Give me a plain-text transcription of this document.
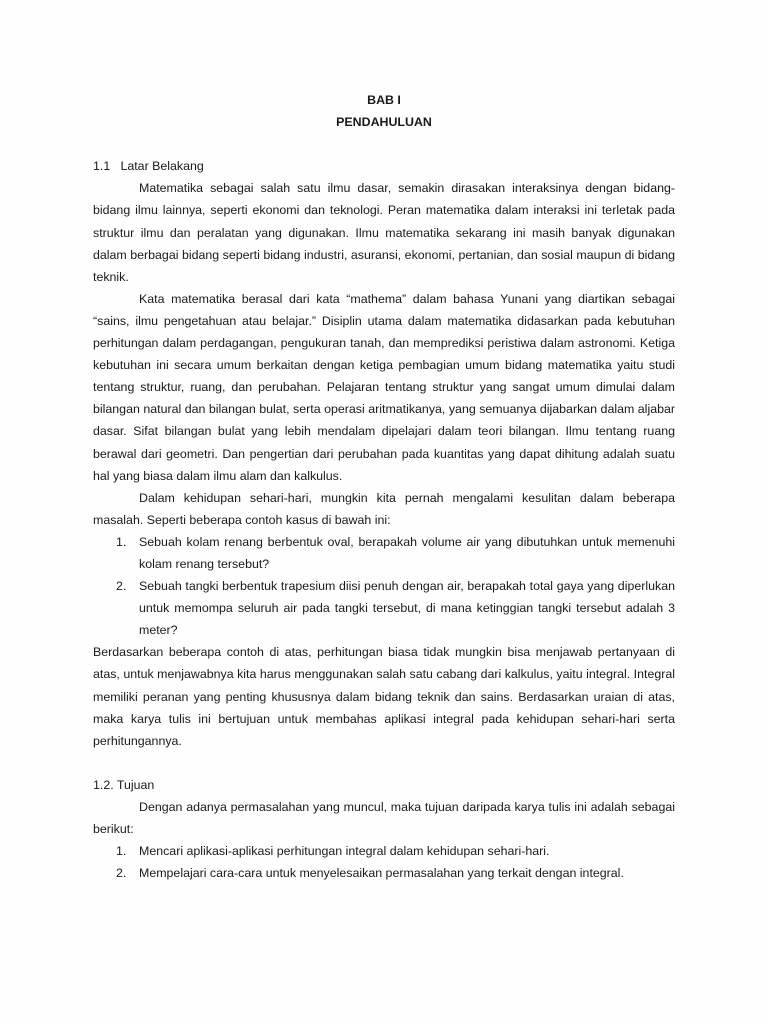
BAB I

PENDAHULUAN

1.1 Latar Belakang

Matematika sebagai salah satu ilmu dasar, semakin dirasakan interaksinya dengan bidang-bidang ilmu lainnya, seperti ekonomi dan teknologi. Peran matematika dalam interaksi ini terletak pada struktur ilmu dan peralatan yang digunakan. Ilmu matematika sekarang ini masih banyak digunakan dalam berbagai bidang seperti bidang industri, asuransi, ekonomi, pertanian, dan sosial maupun di bidang teknik.

Kata matematika berasal dari kata “mathema” dalam bahasa Yunani yang diartikan sebagai “sains, ilmu pengetahuan atau belajar.” Disiplin utama dalam matematika didasarkan pada kebutuhan perhitungan dalam perdagangan, pengukuran tanah, dan memprediksi peristiwa dalam astronomi. Ketiga kebutuhan ini secara umum berkaitan dengan ketiga pembagian umum bidang matematika yaitu studi tentang struktur, ruang, dan perubahan. Pelajaran tentang struktur yang sangat umum dimulai dalam bilangan natural dan bilangan bulat, serta operasi aritmatikanya, yang semuanya dijabarkan dalam aljabar dasar. Sifat bilangan bulat yang lebih mendalam dipelajari dalam teori bilangan. Ilmu tentang ruang berawal dari geometri. Dan pengertian dari perubahan pada kuantitas yang dapat dihitung adalah suatu hal yang biasa dalam ilmu alam dan kalkulus.

Dalam kehidupan sehari-hari, mungkin kita pernah mengalami kesulitan dalam beberapa masalah. Seperti beberapa contoh kasus di bawah ini:

1. Sebuah kolam renang berbentuk oval, berapakah volume air yang dibutuhkan untuk memenuhi kolam renang tersebut?
2. Sebuah tangki berbentuk trapesium diisi penuh dengan air, berapakah total gaya yang diperlukan untuk memompa seluruh air pada tangki tersebut, di mana ketinggian tangki tersebut adalah 3 meter?

Berdasarkan beberapa contoh di atas, perhitungan biasa tidak mungkin bisa menjawab pertanyaan di atas, untuk menjawabnya kita harus menggunakan salah satu cabang dari kalkulus, yaitu integral. Integral memiliki peranan yang penting khususnya dalam bidang teknik dan sains. Berdasarkan uraian di atas, maka karya tulis ini bertujuan untuk membahas aplikasi integral pada kehidupan sehari-hari serta perhitungannya.

1.2. Tujuan

Dengan adanya permasalahan yang muncul, maka tujuan daripada karya tulis ini adalah sebagai berikut:

1. Mencari aplikasi-aplikasi perhitungan integral dalam kehidupan sehari-hari.
2. Mempelajari cara-cara untuk menyelesaikan permasalahan yang terkait dengan integral.
